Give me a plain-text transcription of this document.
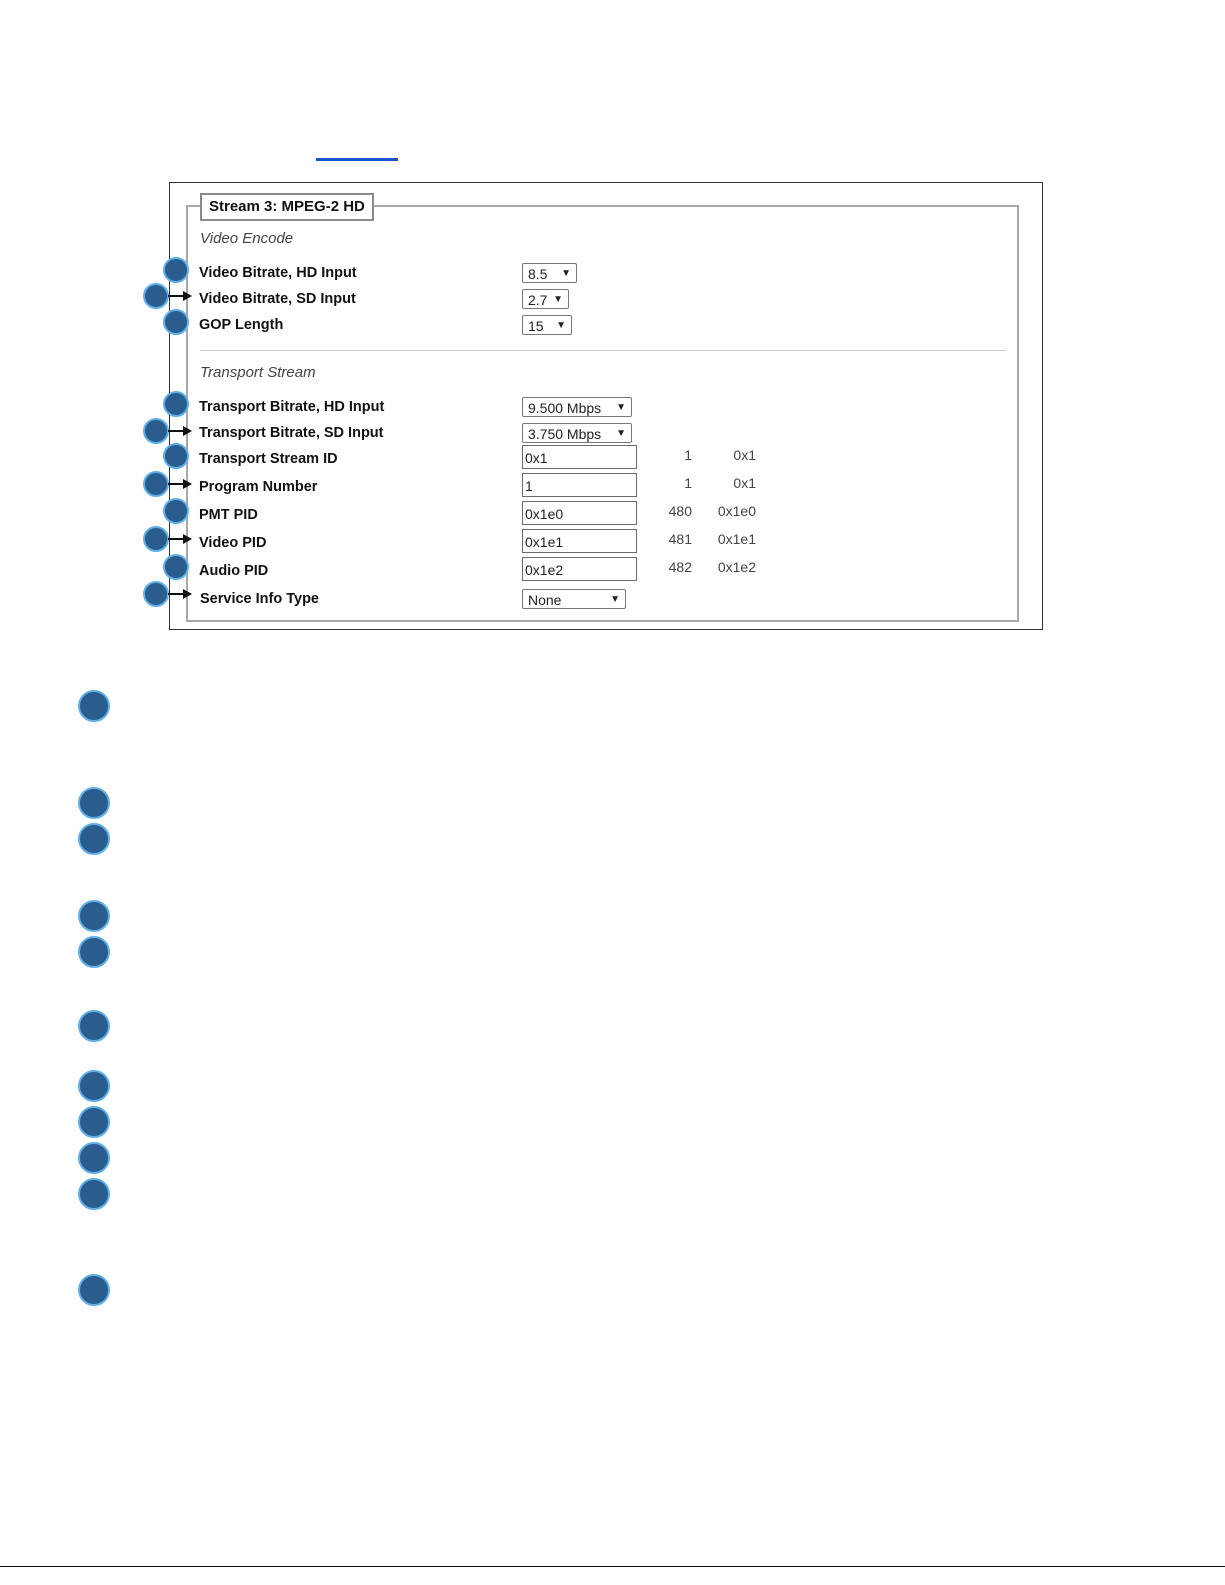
Stream 3: MPEG-2 HD
Video Encode
Video Bitrate, HD Input	8.5 ▼
Video Bitrate, SD Input	2.7 ▼
GOP Length	15 ▼
Transport Stream
Transport Bitrate, HD Input	9.500 Mbps ▼
Transport Bitrate, SD Input	3.750 Mbps ▼
Transport Stream ID	0x1	1	0x1
Program Number	1	1	0x1
PMT PID	0x1e0	480	0x1e0
Video PID	0x1e1	481	0x1e1
Audio PID	0x1e2	482	0x1e2
Service Info Type	None	▼
